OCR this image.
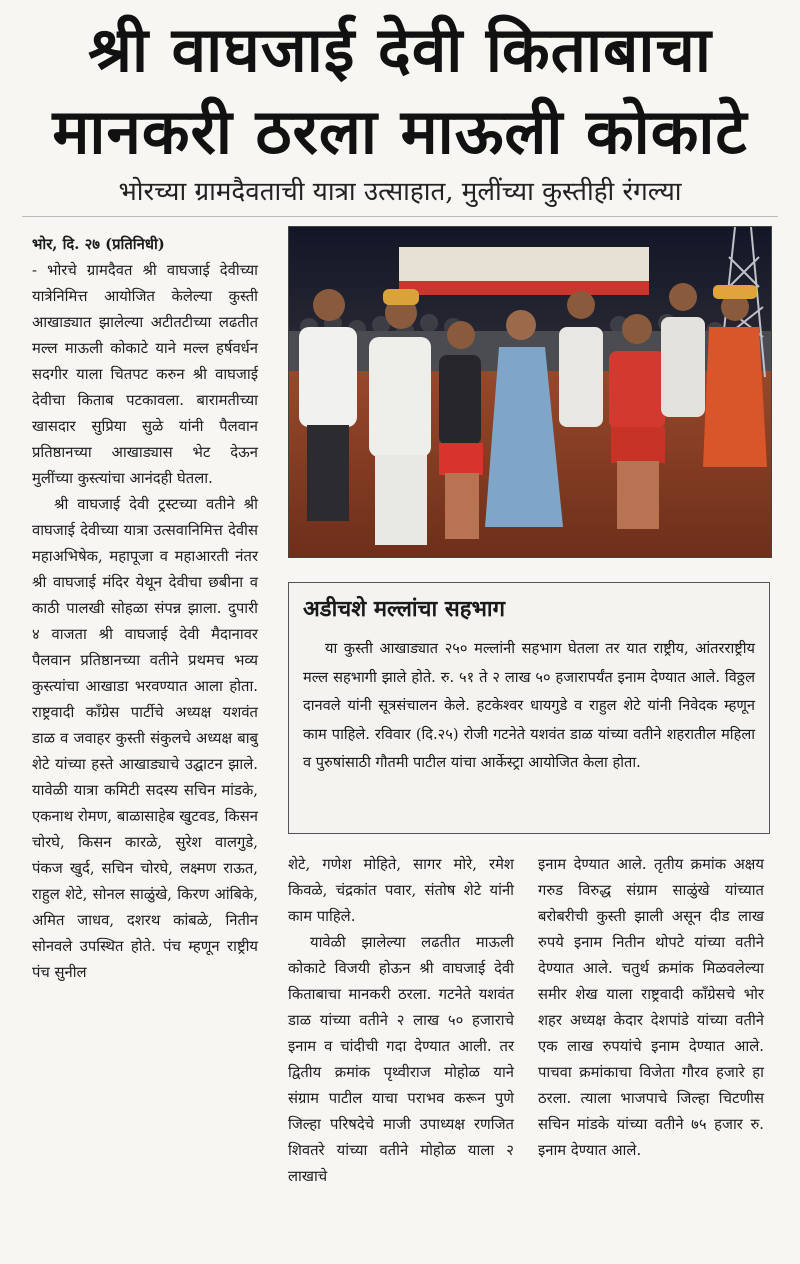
श्री वाघजाई देवी किताबाचा
मानकरी ठरला माऊली कोकाटे
भोरच्या ग्रामदैवताची यात्रा उत्साहात, मुलींच्या कुस्तीही रंगल्या

भोर, दि. २७ (प्रतिनिधी)
- भोरचे ग्रामदैवत श्री वाघजाई देवीच्या यात्रेनिमित्त आयोजित केलेल्या कुस्ती आखाड्यात झालेल्या अटीतटीच्या लढतीत मल्ल माऊली कोकाटे याने मल्ल हर्षवर्धन सदगीर याला चितपट करुन श्री वाघजाई देवीचा किताब पटकावला. बारामतीच्या खासदार सुप्रिया सुळे यांनी पैलवान प्रतिष्ठानच्या आखाड्यास भेट देऊन मुलींच्या कुस्त्यांचा आनंदही घेतला.

श्री वाघजाई देवी ट्रस्टच्या वतीने श्री वाघजाई देवीच्या यात्रा उत्सवानिमित्त देवीस महाअभिषेक, महापूजा व महाआरती नंतर श्री वाघजाई मंदिर येथून देवीचा छबीना व काठी पालखी सोहळा संपन्न झाला. दुपारी ४ वाजता श्री वाघजाई देवी मैदानावर पैलवान प्रतिष्ठानच्या वतीने प्रथमच भव्य कुस्त्यांचा आखाडा भरवण्यात आला होता. राष्ट्रवादी कॉंग्रेस पार्टीचे अध्यक्ष यशवंत डाळ व जवाहर कुस्ती संकुलचे अध्यक्ष बाबु शेटे यांच्या हस्ते आखाड्याचे उद्घाटन झाले. यावेळी यात्रा कमिटी सदस्य सचिन मांडके, एकनाथ रोमण, बाळासाहेब खुटवड, किसन चोरघे, किसन कारळे, सुरेश वालगुडे, पंकज खुर्द, सचिन चोरघे, लक्ष्मण राऊत, राहुल शेटे, सोनल साळुंखे, किरण आंबिके, अमित जाधव, दशरथ कांबळे, नितीन सोनवले उपस्थित होते. पंच म्हणून राष्ट्रीय पंच सुनील

अडीचशे मल्लांचा सहभाग
या कुस्ती आखाड्यात २५० मल्लांनी सहभाग घेतला तर यात राष्ट्रीय, आंतरराष्ट्रीय मल्ल सहभागी झाले होते. रु. ५१ ते २ लाख ५० हजारापर्यंत इनाम देण्यात आले. विठ्ठल दानवले यांनी सूत्रसंचालन केले. हटकेश्वर धायगुडे व राहुल शेटे यांनी निवेदक म्हणून काम पाहिले. रविवार (दि.२५) रोजी गटनेते यशवंत डाळ यांच्या वतीने शहरातील महिला व पुरुषांसाठी गौतमी पाटील यांचा आर्केस्ट्रा आयोजित केला होता.

शेटे, गणेश मोहिते, सागर मोरे, रमेश किवळे, चंद्रकांत पवार, संतोष शेटे यांनी काम पाहिले.

यावेळी झालेल्या लढतीत माऊली कोकाटे विजयी होऊन श्री वाघजाई देवी किताबाचा मानकरी ठरला. गटनेते यशवंत डाळ यांच्या वतीने २ लाख ५० हजाराचे इनाम व चांदीची गदा देण्यात आली. तर द्वितीय क्रमांक पृथ्वीराज मोहोळ याने संग्राम पाटील याचा पराभव करून पुणे जिल्हा परिषदेचे माजी उपाध्यक्ष रणजित शिवतरे यांच्या वतीने मोहोळ याला २ लाखाचे

इनाम देण्यात आले. तृतीय क्रमांक अक्षय गरुड विरुद्ध संग्राम साळुंखे यांच्यात बरोबरीची कुस्ती झाली असून दीड लाख रुपये इनाम नितीन थोपटे यांच्या वतीने देण्यात आले. चतुर्थ क्रमांक मिळवलेल्या समीर शेख याला राष्ट्रवादी कॉंग्रेसचे भोर शहर अध्यक्ष केदार देशपांडे यांच्या वतीने एक लाख रुपयांचे इनाम देण्यात आले. पाचवा क्रमांकाचा विजेता गौरव हजारे हा ठरला. त्याला भाजपाचे जिल्हा चिटणीस सचिन मांडके यांच्या वतीने ७५ हजार रु. इनाम देण्यात आले.
